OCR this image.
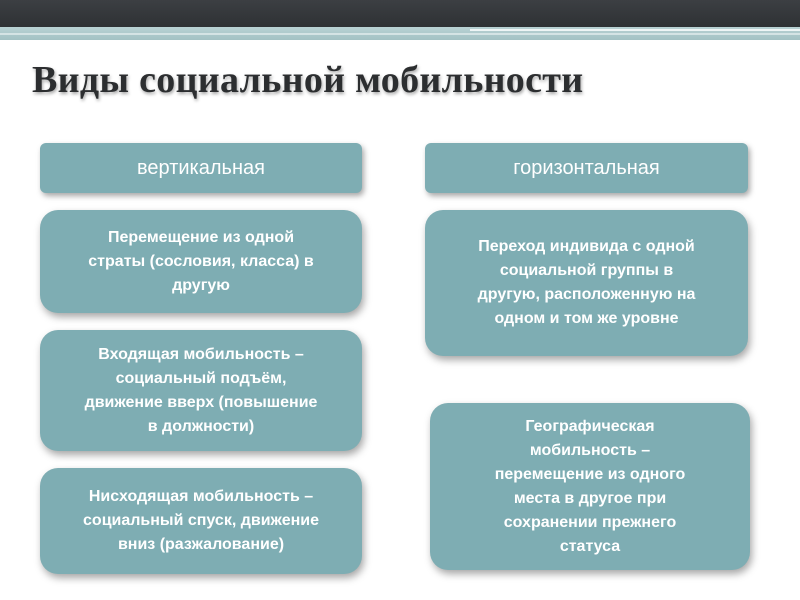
Виды социальной мобильности
вертикальная
Перемещение из одной
страты (сословия, класса) в
другую
Входящая мобильность –
социальный подъём,
движение вверх (повышение
в должности)
Нисходящая мобильность –
социальный спуск, движение
вниз (разжалование)
горизонтальная
Переход индивида с одной
социальной группы в
другую, расположенную на
одном и том же уровне
Географическая
мобильность –
перемещение из одного
места в другое при
сохранении прежнего
статуса
